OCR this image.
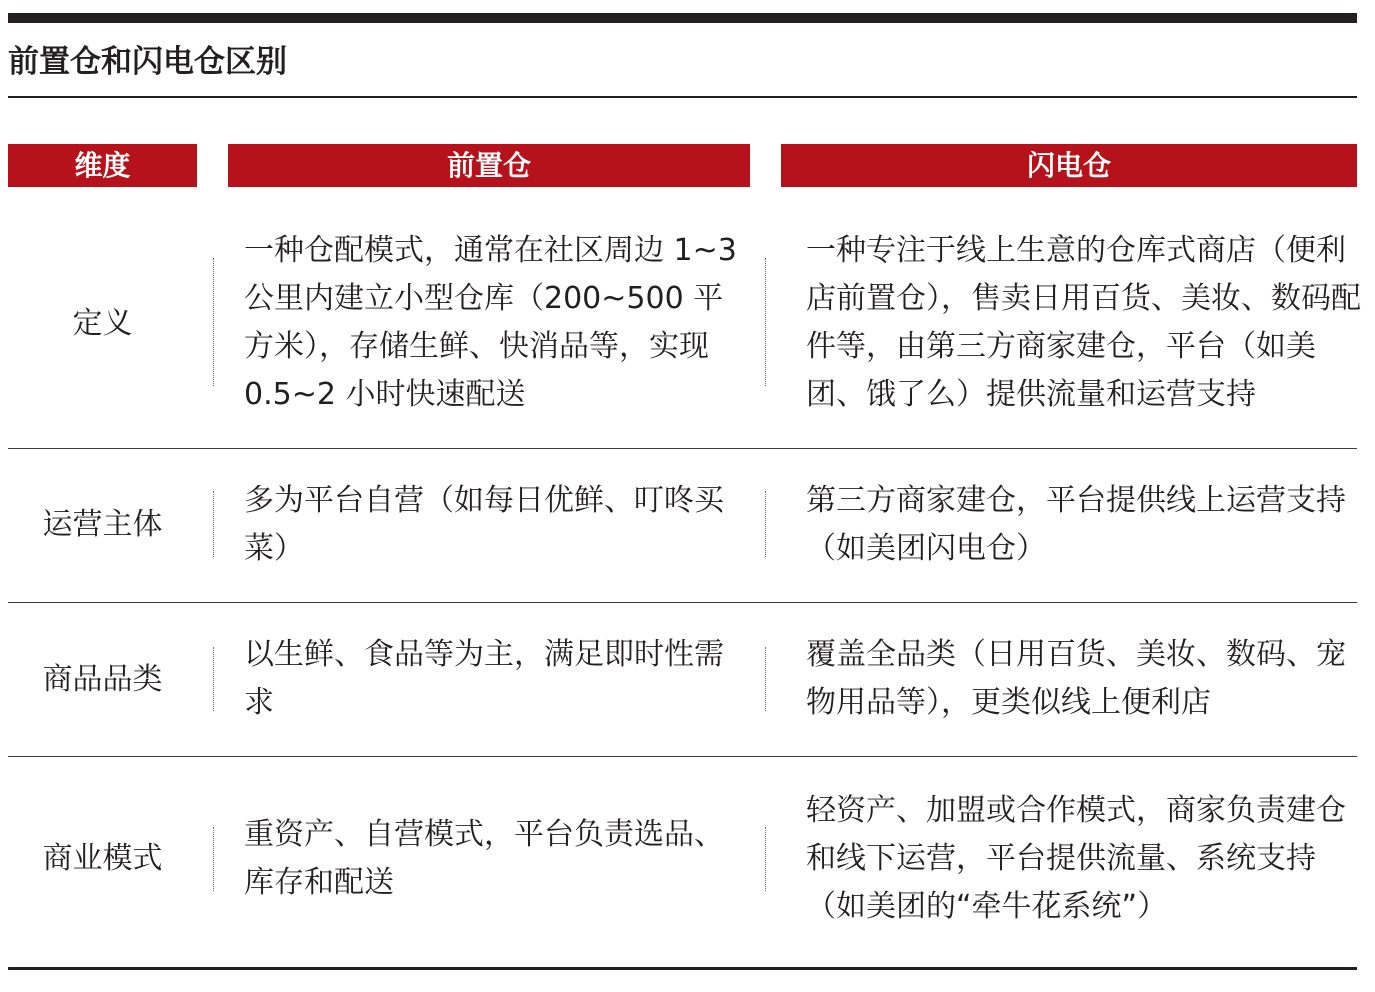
前置仓和闪电仓区别
维度	前置仓	闪电仓
定义
一种仓配模式，通常在社区周边 1~3 公里内建立小型仓库（200~500 平方米），存储生鲜、快消品等，实现 0.5~2 小时快速配送
一种专注于线上生意的仓库式商店（便利店前置仓），售卖日用百货、美妆、数码配件等，由第三方商家建仓，平台（如美团、饿了么）提供流量和运营支持
运营主体
多为平台自营（如每日优鲜、叮咚买菜）
第三方商家建仓，平台提供线上运营支持（如美团闪电仓）
商品品类
以生鲜、食品等为主，满足即时性需求
覆盖全品类（日用百货、美妆、数码、宠物用品等），更类似线上便利店
商业模式
重资产、自营模式，平台负责选品、库存和配送
轻资产、加盟或合作模式，商家负责建仓和线下运营，平台提供流量、系统支持（如美团的“牵牛花系统”）
